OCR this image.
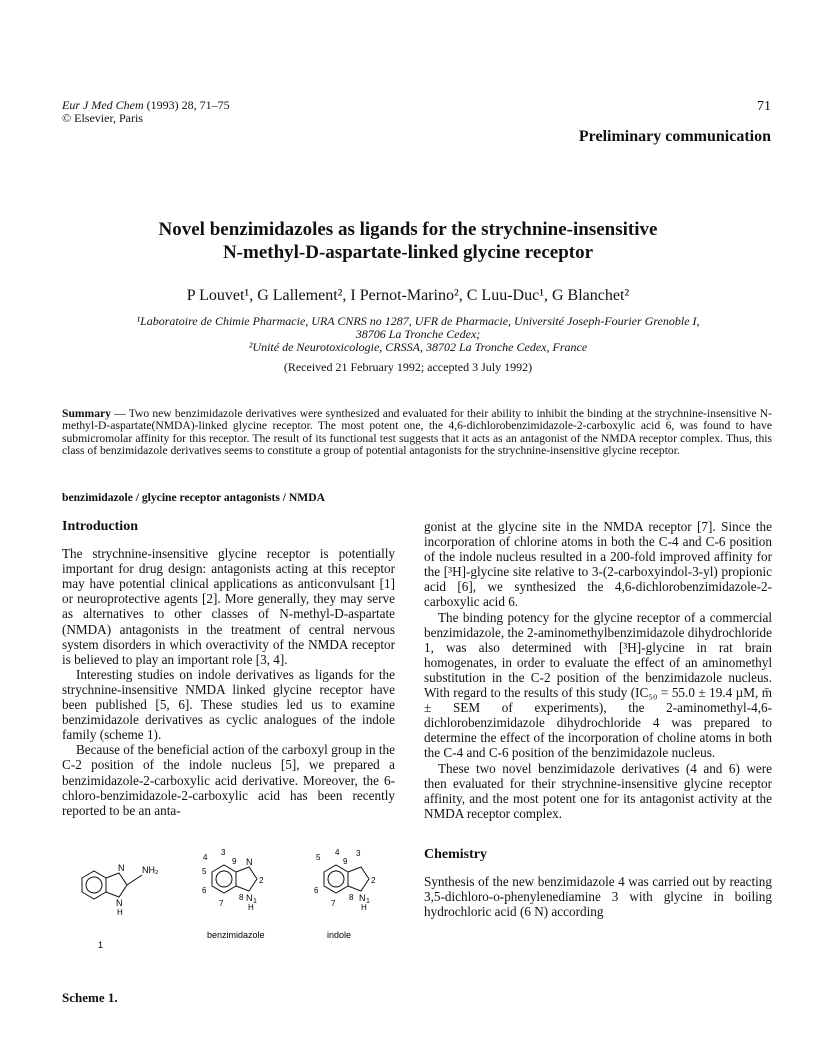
Eur J Med Chem (1993) 28, 71–75
© Elsevier, Paris
71
Preliminary communication
Novel benzimidazoles as ligands for the strychnine-insensitive
N-methyl-D-aspartate-linked glycine receptor
P Louvet¹, G Lallement², I Pernot-Marino², C Luu-Duc¹, G Blanchet²
¹Laboratoire de Chimie Pharmacie, URA CNRS no 1287, UFR de Pharmacie, Université Joseph-Fourier Grenoble I,
38706 La Tronche Cedex;
²Unité de Neurotoxicologie, CRSSA, 38702 La Tronche Cedex, France
(Received 21 February 1992; accepted 3 July 1992)
Summary — Two new benzimidazole derivatives were synthesized and evaluated for their ability to inhibit the binding at the strychnine-insensitive N-methyl-D-aspartate(NMDA)-linked glycine receptor. The most potent one, the 4,6-dichlorobenzimidazole-2-carboxylic acid 6, was found to have submicromolar affinity for this receptor. The result of its functional test suggests that it acts as an antagonist of the NMDA receptor complex. Thus, this class of benzimidazole derivatives seems to constitute a group of potential antagonists for the strychnine-insensitive glycine receptor.
benzimidazole / glycine receptor antagonists / NMDA
Introduction

The strychnine-insensitive glycine receptor is potentially important for drug design: antagonists acting at this receptor may have potential clinical applications as anticonvulsant [1] or neuroprotective agents [2]. More generally, they may serve as alternatives to other classes of N-methyl-D-aspartate (NMDA) antagonists in the treatment of central nervous system disorders in which overactivity of the NMDA receptor is believed to play an important role [3, 4].

Interesting studies on indole derivatives as ligands for the strychnine-insensitive NMDA linked glycine receptor have been published [5, 6]. These studies led us to examine benzimidazole derivatives as cyclic analogues of the indole family (scheme 1).

Because of the beneficial action of the carboxyl group in the C-2 position of the indole nucleus [5], we prepared a benzimidazole-2-carboxylic acid derivative. Moreover, the 6-chloro-benzimidazole-2-carboxylic acid has been recently reported to be an anta-

gonist at the glycine site in the NMDA receptor [7]. Since the incorporation of chlorine atoms in both the C-4 and C-6 position of the indole nucleus resulted in a 200-fold improved affinity for the [³H]-glycine site relative to 3-(2-carboxyindol-3-yl) propionic acid [6], we synthesized the 4,6-dichlorobenzimidazole-2-carboxylic acid 6.

The binding potency for the glycine receptor of a commercial benzimidazole, the 2-aminomethylbenzimidazole dihydrochloride 1, was also determined with [³H]-glycine in rat brain homogenates, in order to evaluate the effect of an aminomethyl substitution in the C-2 position of the benzimidazole nucleus. With regard to the results of this study (IC₅₀ = 55.0 ± 19.4 µM, m̄ ± SEM of experiments), the 2-aminomethyl-4,6-dichlorobenzimidazole dihydrochloride 4 was prepared to determine the effect of the incorporation of choline atoms in both the C-4 and C-6 position of the benzimidazole nucleus.

These two novel benzimidazole derivatives (4 and 6) were then evaluated for their strychnine-insensitive glycine receptor affinity, and the most potent one for its antagonist activity at the NMDA receptor complex.

Chemistry

Synthesis of the new benzimidazole 4 was carried out by reacting 3,5-dichloro-o-phenylenediamine 3 with glycine in boiling hydrochloric acid (6 N) according

N
N
H
NH₂
1
3
4
5
6
7
8
9 N
2
N 1
H
benzimidazole
5
4 3
9
2
6
7
8 N 1
H
indole
Scheme 1.
